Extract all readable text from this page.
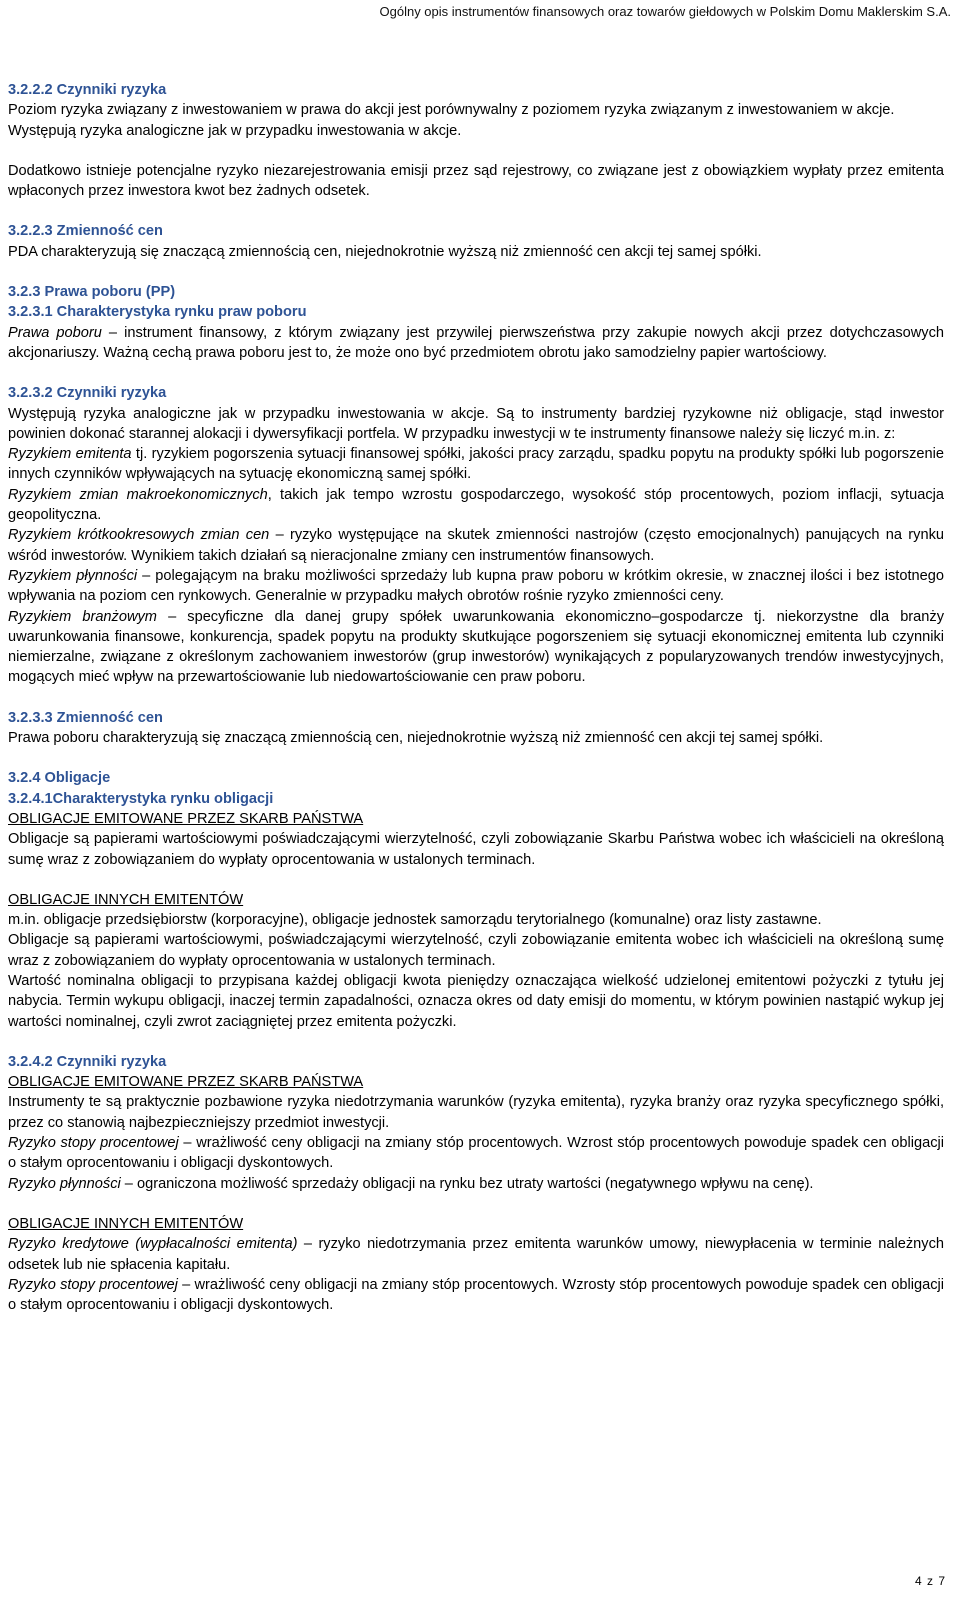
Ogólny opis instrumentów finansowych oraz towarów giełdowych w Polskim Domu Maklerskim S.A.

3.2.2.2 Czynniki ryzyka

Poziom ryzyka związany z inwestowaniem w prawa do akcji jest porównywalny z poziomem ryzyka związanym z inwestowaniem w akcje.

Występują ryzyka analogiczne jak w przypadku inwestowania w akcje.

Dodatkowo istnieje potencjalne ryzyko niezarejestrowania emisji przez sąd rejestrowy, co związane jest z obowiązkiem wypłaty przez emitenta wpłaconych przez inwestora kwot bez żadnych odsetek.

3.2.2.3 Zmienność cen

PDA charakteryzują się znaczącą zmiennością cen, niejednokrotnie wyższą niż zmienność cen akcji tej samej spółki.

3.2.3 Prawa poboru (PP)

3.2.3.1 Charakterystyka rynku praw poboru

Prawa poboru – instrument finansowy, z którym związany jest przywilej pierwszeństwa przy zakupie nowych akcji przez dotychczasowych akcjonariuszy. Ważną cechą prawa poboru jest to, że może ono być przedmiotem obrotu jako samodzielny papier wartościowy.

3.2.3.2 Czynniki ryzyka

Występują ryzyka analogiczne jak w przypadku inwestowania w akcje. Są to instrumenty bardziej ryzykowne niż obligacje, stąd inwestor powinien dokonać starannej alokacji i dywersyfikacji portfela. W przypadku inwestycji w te instrumenty finansowe należy się liczyć m.in. z:

Ryzykiem emitenta tj. ryzykiem pogorszenia sytuacji finansowej spółki, jakości pracy zarządu, spadku popytu na produkty spółki lub pogorszenie innych czynników wpływających na sytuację ekonomiczną samej spółki.

Ryzykiem zmian makroekonomicznych, takich jak tempo wzrostu gospodarczego, wysokość stóp procentowych, poziom inflacji, sytuacja geopolityczna.

Ryzykiem krótkookresowych zmian cen – ryzyko występujące na skutek zmienności nastrojów (często emocjonalnych) panujących na rynku wśród inwestorów. Wynikiem takich działań są nieracjonalne zmiany cen instrumentów finansowych.

Ryzykiem płynności – polegającym na braku możliwości sprzedaży lub kupna praw poboru w krótkim okresie, w znacznej ilości i bez istotnego wpływania na poziom cen rynkowych. Generalnie w przypadku małych obrotów rośnie ryzyko zmienności ceny.

Ryzykiem branżowym – specyficzne dla danej grupy spółek uwarunkowania ekonomiczno–gospodarcze tj. niekorzystne dla branży uwarunkowania finansowe, konkurencja, spadek popytu na produkty skutkujące pogorszeniem się sytuacji ekonomicznej emitenta lub czynniki niemierzalne, związane z określonym zachowaniem inwestorów (grup inwestorów) wynikających z popularyzowanych trendów inwestycyjnych, mogących mieć wpływ na przewartościowanie lub niedowartościowanie cen praw poboru.

3.2.3.3 Zmienność cen

Prawa poboru charakteryzują się znaczącą zmiennością cen, niejednokrotnie wyższą niż zmienność cen akcji tej samej spółki.

3.2.4 Obligacje

3.2.4.1Charakterystyka rynku obligacji

OBLIGACJE EMITOWANE PRZEZ SKARB PAŃSTWA

Obligacje są papierami wartościowymi poświadczającymi wierzytelność, czyli zobowiązanie Skarbu Państwa wobec ich właścicieli na określoną sumę wraz z zobowiązaniem do wypłaty oprocentowania w ustalonych terminach.

OBLIGACJE INNYCH EMITENTÓW

m.in. obligacje przedsiębiorstw (korporacyjne), obligacje jednostek samorządu terytorialnego (komunalne) oraz listy zastawne.

Obligacje są papierami wartościowymi, poświadczającymi wierzytelność, czyli zobowiązanie emitenta wobec ich właścicieli na określoną sumę wraz z zobowiązaniem do wypłaty oprocentowania w ustalonych terminach.

Wartość nominalna obligacji to przypisana każdej obligacji kwota pieniędzy oznaczająca wielkość udzielonej emitentowi pożyczki z tytułu jej nabycia. Termin wykupu obligacji, inaczej termin zapadalności, oznacza okres od daty emisji do momentu, w którym powinien nastąpić wykup jej wartości nominalnej, czyli zwrot zaciągniętej przez emitenta pożyczki.

3.2.4.2 Czynniki ryzyka

OBLIGACJE EMITOWANE PRZEZ SKARB PAŃSTWA

Instrumenty te są praktycznie pozbawione ryzyka niedotrzymania warunków (ryzyka emitenta), ryzyka branży oraz ryzyka specyficznego spółki, przez co stanowią najbezpieczniejszy przedmiot inwestycji.

Ryzyko stopy procentowej – wrażliwość ceny obligacji na zmiany stóp procentowych. Wzrost stóp procentowych powoduje spadek cen obligacji o stałym oprocentowaniu i obligacji dyskontowych.

Ryzyko płynności – ograniczona możliwość sprzedaży obligacji na rynku bez utraty wartości (negatywnego wpływu na cenę).

OBLIGACJE INNYCH EMITENTÓW

Ryzyko kredytowe (wypłacalności emitenta) – ryzyko niedotrzymania przez emitenta warunków umowy, niewypłacenia w terminie należnych odsetek lub nie spłacenia kapitału.

Ryzyko stopy procentowej – wrażliwość ceny obligacji na zmiany stóp procentowych. Wzrosty stóp procentowych powoduje spadek cen obligacji o stałym oprocentowaniu i obligacji dyskontowych.

4 z 7
